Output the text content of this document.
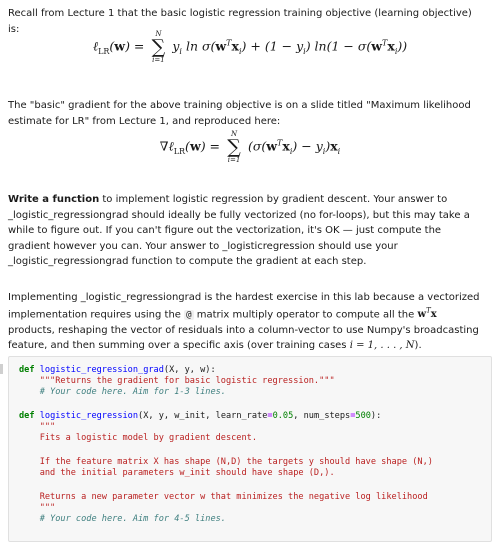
Recall from Lecture 1 that the basic logistic regression training objective (learning objective) is:

ℓ$_{LR}$(w) =
N
∑
i=1
$y_i$ $\ln \sigma(w^Tx_i) + (1 - y_i) \ln(1 - \sigma(w^Tx_i))$

The "basic" gradient for the above training objective is on a slide titled "Maximum likelihood estimate for LR" from Lecture 1, and reproduced here:

∇ℓ$_{LR}$(w) =
N
∑
i=1
$(\sigma(w^Tx_i) - y_i)x_i$

Write a function to implement logistic regression by gradient descent. Your answer to _logistic_regressiongrad should ideally be fully vectorized (no for-loops), but this may take a while to figure out. If you can't figure out the vectorization, it's OK — just compute the gradient however you can. Your answer to _logisticregression should use your _logistic_regressiongrad function to compute the gradient at each step.

Implementing _logistic_regressiongrad is the hardest exercise in this lab because a vectorized implementation requires using the @ matrix multiply operator to compute all the $w^Tx$ products, reshaping the vector of residuals into a column-vector to use Numpy's broadcasting feature, and then summing over a specific axis (over training cases i = 1, . . . , N).

def logistic_regression_grad(X, y, w):
"""Returns the gradient for basic logistic regression."""
# Your code here. Aim for 1-3 lines.
def logistic_regression(X, y, w_init, learn_rate=0.05, num_steps=500):
"""
Fits a logistic model by gradient descent.
If the feature matrix X has shape (N,D) the targets y should have shape (N,)
and the initial parameters w_init should have shape (D,).
Returns a new parameter vector w that minimizes the negative log likelihood
"""
# Your code here. Aim for 4-5 lines.
